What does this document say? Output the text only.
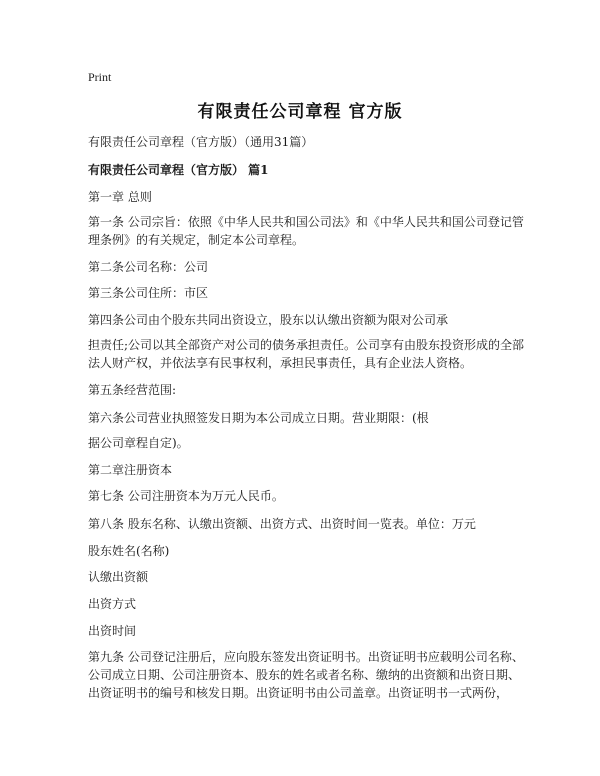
Print
有限责任公司章程 官方版
有限责任公司章程（官方版）（通用31篇）
有限责任公司章程（官方版） 篇1
第一章 总则
第一条 公司宗旨：依照《中华人民共和国公司法》和《中华人民共和国公司登记管理条例》的有关规定，制定本公司章程。
第二条公司名称：公司
第三条公司住所：市区
第四条公司由个股东共同出资设立，股东以认缴出资额为限对公司承
担责任;公司以其全部资产对公司的债务承担责任。公司享有由股东投资形成的全部法人财产权，并依法享有民事权利，承担民事责任，具有企业法人资格。
第五条经营范围:
第六条公司营业执照签发日期为本公司成立日期。营业期限：(根
据公司章程自定)。
第二章注册资本
第七条 公司注册资本为万元人民币。
第八条 股东名称、认缴出资额、出资方式、出资时间一览表。单位：万元
股东姓名(名称)
认缴出资额
出资方式
出资时间
第九条 公司登记注册后，应向股东签发出资证明书。出资证明书应载明公司名称、公司成立日期、公司注册资本、股东的姓名或者名称、缴纳的出资额和出资日期、出资证明书的编号和核发日期。出资证明书由公司盖章。出资证明书一式两份，
